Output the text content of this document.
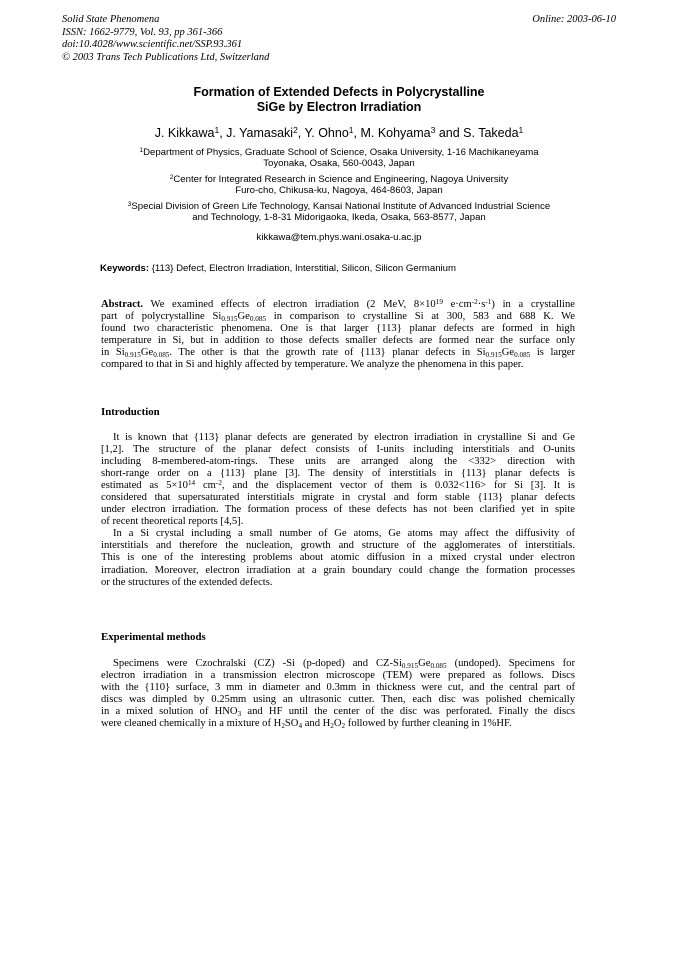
Solid State Phenomena
ISSN: 1662-9779, Vol. 93, pp 361-366
doi:10.4028/www.scientific.net/SSP.93.361
© 2003 Trans Tech Publications Ltd, Switzerland
Online: 2003-06-10
Formation of Extended Defects in Polycrystalline
SiGe by Electron Irradiation
J. Kikkawa$^1$, J. Yamasaki$^2$, Y. Ohno$^1$, M. Kohyama$^3$ and S. Takeda$^1$
$^1$Department of Physics, Graduate School of Science, Osaka University, 1-16 Machikaneyama
Toyonaka, Osaka, 560-0043, Japan
$^2$Center for Integrated Research in Science and Engineering, Nagoya University
Furo-cho, Chikusa-ku, Nagoya, 464-8603, Japan
$^3$Special Division of Green Life Technology, Kansai National Institute of Advanced Industrial Science
and Technology, 1-8-31 Midorigaoka, Ikeda, Osaka, 563-8577, Japan
kikkawa@tem.phys.wani.osaka-u.ac.jp
Keywords: {113} Defect, Electron Irradiation, Interstitial, Silicon, Silicon Germanium
Abstract. We examined effects of electron irradiation (2 MeV, $8\times 10^{19}$ $e\cdot cm^{-2}\cdot s^{-1}$) in a crystalline
part of polycrystalline $Si_{0.915}Ge_{0.085}$ in comparison to crystalline Si at 300, 583 and 688 K. We
found two characteristic phenomena. One is that larger {113} planar defects are formed in high
temperature in Si, but in addition to those defects smaller defects are formed near the surface only
in $Si_{0.915}Ge_{0.085}$. The other is that the growth rate of {113} planar defects in $Si_{0.915}Ge_{0.085}$ is larger
compared to that in Si and highly affected by temperature. We analyze the phenomena in this paper.
Introduction
It is known that {113} planar defects are generated by electron irradiation in crystalline Si and Ge
[1,2]. The structure of the planar defect consists of I-units including interstitials and O-units
including 8-membered-atom-rings. These units are arranged along the <332> direction with
short-range order on a {113} plane [3]. The density of interstitials in {113} planar defects is
estimated as $5\times 10^{14}$ $cm^{-2}$, and the displacement vector of them is 0.032<116> for Si [3]. It is
considered that supersaturated interstitials migrate in crystal and form stable {113} planar defects
under electron irradiation. The formation process of these defects has not been clarified yet in spite
of recent theoretical reports [4,5].
In a Si crystal including a small number of Ge atoms, Ge atoms may affect the diffusivity of
interstitials and therefore the nucleation, growth and structure of the agglomerates of interstitials.
This is one of the interesting problems about atomic diffusion in a mixed crystal under electron
irradiation. Moreover, electron irradiation at a grain boundary could change the formation processes
or the structures of the extended defects.
Experimental methods
Specimens were Czochralski (CZ) -Si (p-doped) and $CZ-Si_{0.915}Ge_{0.085}$ (undoped). Specimens for
electron irradiation in a transmission electron microscope (TEM) were prepared as follows. Discs
with the {110} surface, 3 mm in diameter and 0.3mm in thickness were cut, and the central part of
discs was dimpled by 0.25mm using an ultrasonic cutter. Then, each disc was polished chemically
in a mixed solution of $HNO_3$ and HF until the center of the disc was perforated. Finally the discs
were cleaned chemically in a mixture of $H_2SO_4$ and $H_2O_2$ followed by further cleaning in 1%HF.
